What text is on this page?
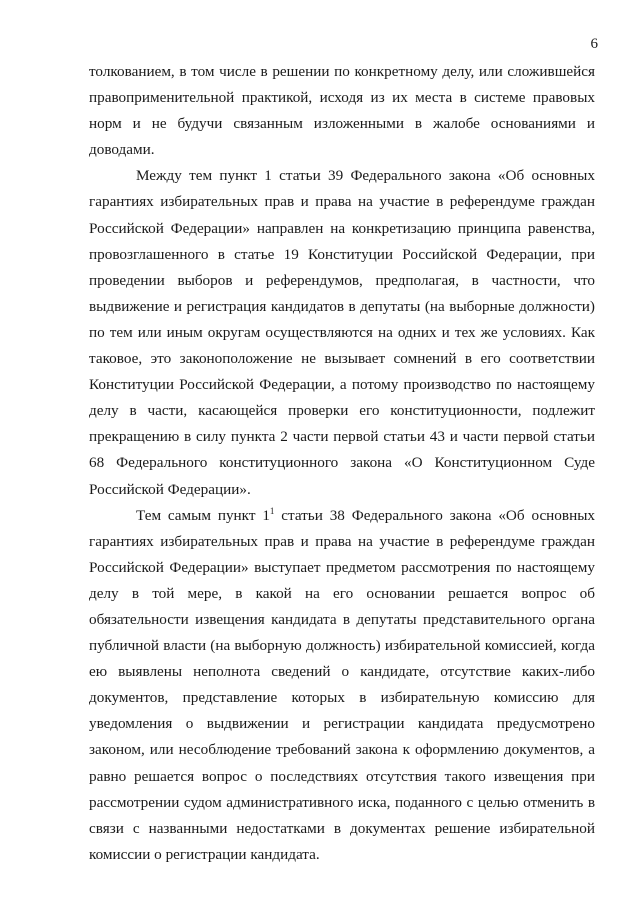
6

толкованием, в том числе в решении по конкретному делу, или сложившейся правоприменительной практикой, исходя из их места в системе правовых норм и не будучи связанным изложенными в жалобе основаниями и доводами.

Между тем пункт 1 статьи 39 Федерального закона «Об основных гарантиях избирательных прав и права на участие в референдуме граждан Российской Федерации» направлен на конкретизацию принципа равенства, провозглашенного в статье 19 Конституции Российской Федерации, при проведении выборов и референдумов, предполагая, в частности, что выдвижение и регистрация кандидатов в депутаты (на выборные должности) по тем или иным округам осуществляются на одних и тех же условиях. Как таковое, это законоположение не вызывает сомнений в его соответствии Конституции Российской Федерации, а потому производство по настоящему делу в части, касающейся проверки его конституционности, подлежит прекращению в силу пункта 2 части первой статьи 43 и части первой статьи 68 Федерального конституционного закона «О Конституционном Суде Российской Федерации».

Тем самым пункт $1^1$ статьи 38 Федерального закона «Об основных гарантиях избирательных прав и права на участие в референдуме граждан Российской Федерации» выступает предметом рассмотрения по настоящему делу в той мере, в какой на его основании решается вопрос об обязательности извещения кандидата в депутаты представительного органа публичной власти (на выборную должность) избирательной комиссией, когда ею выявлены неполнота сведений о кандидате, отсутствие каких-либо документов, представление которых в избирательную комиссию для уведомления о выдвижении и регистрации кандидата предусмотрено законом, или несоблюдение требований закона к оформлению документов, а равно решается вопрос о последствиях отсутствия такого извещения при рассмотрении судом административного иска, поданного с целью отменить в связи с названными недостатками в документах решение избирательной комиссии о регистрации кандидата.
